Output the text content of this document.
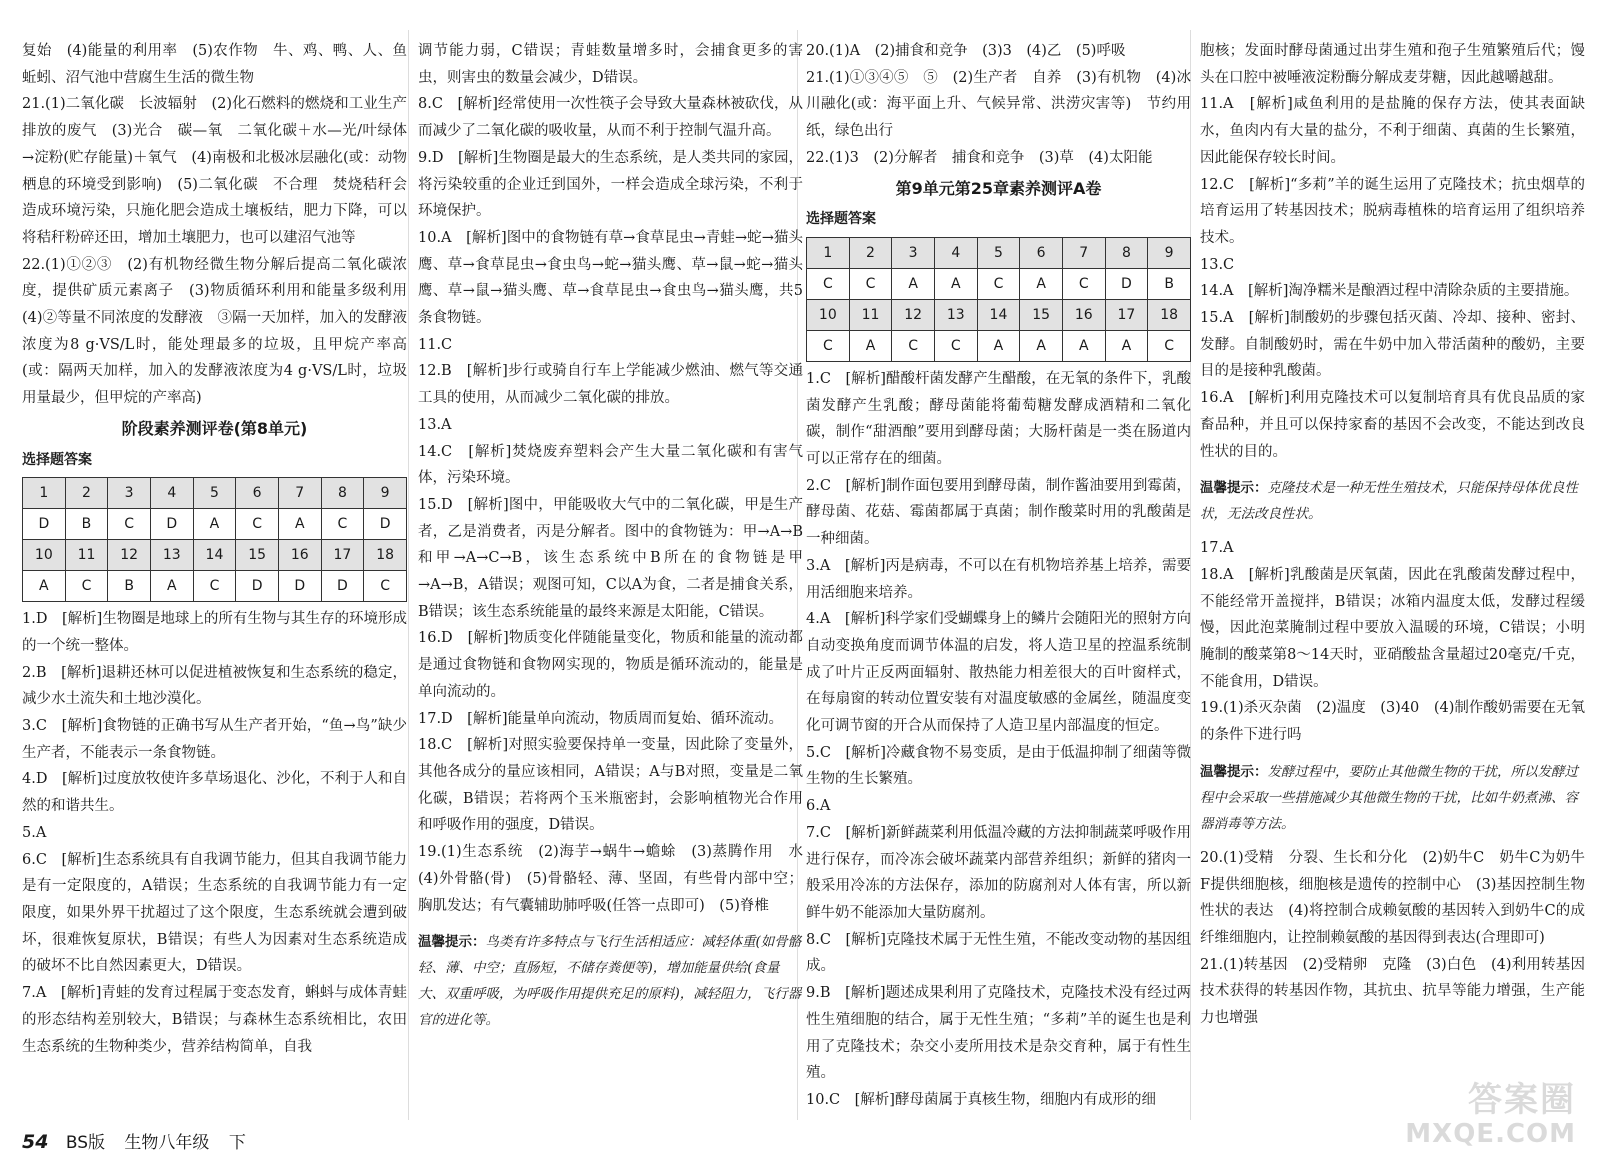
复始　(4)能量的利用率　(5)农作物　牛、鸡、鸭、人、鱼　蚯蚓、沼气池中营腐生生活的微生物
21.(1)二氧化碳　长波辐射　(2)化石燃料的燃烧和工业生产排放的废气　(3)光合　碳—氧　二氧化碳＋水—光/叶绿体→淀粉(贮存能量)＋氧气　(4)南极和北极冰层融化(或：动物栖息的环境受到影响)　(5)二氧化碳　不合理　焚烧秸秆会造成环境污染，只施化肥会造成土壤板结，肥力下降，可以将秸秆粉碎还田，增加土壤肥力，也可以建沼气池等
22.(1)①②③　(2)有机物经微生物分解后提高二氧化碳浓度，提供矿质元素离子　(3)物质循环利用和能量多级利用　(4)②等量不同浓度的发酵液　③隔一天加样，加入的发酵液浓度为8 g·VS/L时，能处理最多的垃圾，且甲烷产率高(或：隔两天加样，加入的发酵液浓度为4 g·VS/L时，垃圾用量最少，但甲烷的产率高)
阶段素养测评卷(第8单元)
选择题答案
1	2	3	4	5	6	7	8	9
D	B	C	D	A	C	A	C	D
10	11	12	13	14	15	16	17	18
A	C	B	A	C	D	D	D	C
1.D　[解析]生物圈是地球上的所有生物与其生存的环境形成的一个统一整体。
2.B　[解析]退耕还林可以促进植被恢复和生态系统的稳定，减少水土流失和土地沙漠化。
3.C　[解析]食物链的正确书写从生产者开始，“鱼→鸟”缺少生产者，不能表示一条食物链。
4.D　[解析]过度放牧使许多草场退化、沙化，不利于人和自然的和谐共生。
5.A
6.C　[解析]生态系统具有自我调节能力，但其自我调节能力是有一定限度的，A错误；生态系统的自我调节能力有一定限度，如果外界干扰超过了这个限度，生态系统就会遭到破坏，很难恢复原状，B错误；有些人为因素对生态系统造成的破坏不比自然因素更大，D错误。
7.A　[解析]青蛙的发育过程属于变态发育，蝌蚪与成体青蛙的形态结构差别较大，B错误；与森林生态系统相比，农田生态系统的生物种类少，营养结构简单，自我
调节能力弱，C错误；青蛙数量增多时，会捕食更多的害虫，则害虫的数量会减少，D错误。
8.C　[解析]经常使用一次性筷子会导致大量森林被砍伐，从而减少了二氧化碳的吸收量，从而不利于控制气温升高。
9.D　[解析]生物圈是最大的生态系统，是人类共同的家园，将污染较重的企业迁到国外，一样会造成全球污染，不利于环境保护。
10.A　[解析]图中的食物链有草→食草昆虫→青蛙→蛇→猫头鹰、草→食草昆虫→食虫鸟→蛇→猫头鹰、草→鼠→蛇→猫头鹰、草→鼠→猫头鹰、草→食草昆虫→食虫鸟→猫头鹰，共5条食物链。
11.C
12.B　[解析]步行或骑自行车上学能减少燃油、燃气等交通工具的使用，从而减少二氧化碳的排放。
13.A
14.C　[解析]焚烧废弃塑料会产生大量二氧化碳和有害气体，污染环境。
15.D　[解析]图中，甲能吸收大气中的二氧化碳，甲是生产者，乙是消费者，丙是分解者。图中的食物链为：甲→A→B和甲→A→C→B，该生态系统中B所在的食物链是甲→A→B，A错误；观图可知，C以A为食，二者是捕食关系，B错误；该生态系统能量的最终来源是太阳能，C错误。
16.D　[解析]物质变化伴随能量变化，物质和能量的流动都是通过食物链和食物网实现的，物质是循环流动的，能量是单向流动的。
17.D　[解析]能量单向流动，物质周而复始、循环流动。
18.C　[解析]对照实验要保持单一变量，因此除了变量外，其他各成分的量应该相同，A错误；A与B对照，变量是二氧化碳，B错误；若将两个玉米瓶密封，会影响植物光合作用和呼吸作用的强度，D错误。
19.(1)生态系统　(2)海芋→蜗牛→蟾蜍　(3)蒸腾作用　水　(4)外骨骼(骨)　(5)骨骼轻、薄、坚固，有些骨内部中空；胸肌发达；有气囊辅助肺呼吸(任答一点即可)　(5)脊椎
温馨提示：鸟类有许多特点与飞行生活相适应：减轻体重(如骨骼轻、薄、中空；直肠短，不储存粪便等)，增加能量供给(食量大、双重呼吸，为呼吸作用提供充足的原料)，减轻阻力，飞行器官的进化等。
20.(1)A　(2)捕食和竞争　(3)3　(4)乙　(5)呼吸
21.(1)①③④⑤　⑤　(2)生产者　自养　(3)有机物　(4)冰川融化(或：海平面上升、气候异常、洪涝灾害等)　节约用纸，绿色出行
22.(1)3　(2)分解者　捕食和竞争　(3)草　(4)太阳能
第9单元第25章素养测评A卷
选择题答案
1	2	3	4	5	6	7	8	9
C	C	A	A	C	A	C	D	B
10	11	12	13	14	15	16	17	18
C	A	C	C	A	A	A	A	C
1.C　[解析]醋酸杆菌发酵产生醋酸，在无氧的条件下，乳酸菌发酵产生乳酸；酵母菌能将葡萄糖发酵成酒精和二氧化碳，制作“甜酒酿”要用到酵母菌；大肠杆菌是一类在肠道内可以正常存在的细菌。
2.C　[解析]制作面包要用到酵母菌，制作酱油要用到霉菌，酵母菌、花菇、霉菌都属于真菌；制作酸菜时用的乳酸菌是一种细菌。
3.A　[解析]丙是病毒，不可以在有机物培养基上培养，需要用活细胞来培养。
4.A　[解析]科学家们受蝴蝶身上的鳞片会随阳光的照射方向自动变换角度而调节体温的启发，将人造卫星的控温系统制成了叶片正反两面辐射、散热能力相差很大的百叶窗样式，在每扇窗的转动位置安装有对温度敏感的金属丝，随温度变化可调节窗的开合从而保持了人造卫星内部温度的恒定。
5.C　[解析]冷藏食物不易变质，是由于低温抑制了细菌等微生物的生长繁殖。
6.A
7.C　[解析]新鲜蔬菜利用低温冷藏的方法抑制蔬菜呼吸作用进行保存，而冷冻会破坏蔬菜内部营养组织；新鲜的猪肉一般采用冷冻的方法保存，添加的防腐剂对人体有害，所以新鲜牛奶不能添加大量防腐剂。
8.C　[解析]克隆技术属于无性生殖，不能改变动物的基因组成。
9.B　[解析]题述成果利用了克隆技术，克隆技术没有经过两性生殖细胞的结合，属于无性生殖；“多莉”羊的诞生也是利用了克隆技术；杂交小麦所用技术是杂交育种，属于有性生殖。
10.C　[解析]酵母菌属于真核生物，细胞内有成形的细
胞核；发面时酵母菌通过出芽生殖和孢子生殖繁殖后代；馒头在口腔中被唾液淀粉酶分解成麦芽糖，因此越嚼越甜。
11.A　[解析]咸鱼利用的是盐腌的保存方法，使其表面缺水，鱼肉内有大量的盐分，不利于细菌、真菌的生长繁殖，因此能保存较长时间。
12.C　[解析]“多莉”羊的诞生运用了克隆技术；抗虫烟草的培育运用了转基因技术；脱病毒植株的培育运用了组织培养技术。
13.C
14.A　[解析]淘净糯米是酿酒过程中清除杂质的主要措施。
15.A　[解析]制酸奶的步骤包括灭菌、冷却、接种、密封、发酵。自制酸奶时，需在牛奶中加入带活菌种的酸奶，主要目的是接种乳酸菌。
16.A　[解析]利用克隆技术可以复制培育具有优良品质的家畜品种，并且可以保持家畜的基因不会改变，不能达到改良性状的目的。
温馨提示：克隆技术是一种无性生殖技术，只能保持母体优良性状，无法改良性状。
17.A
18.A　[解析]乳酸菌是厌氧菌，因此在乳酸菌发酵过程中，不能经常开盖搅拌，B错误；冰箱内温度太低，发酵过程缓慢，因此泡菜腌制过程中要放入温暖的环境，C错误；小明腌制的酸菜第8～14天时，亚硝酸盐含量超过20毫克/千克，不能食用，D错误。
19.(1)杀灭杂菌　(2)温度　(3)40　(4)制作酸奶需要在无氧的条件下进行吗
温馨提示：发酵过程中，要防止其他微生物的干扰，所以发酵过程中会采取一些措施减少其他微生物的干扰，比如牛奶煮沸、容器消毒等方法。
20.(1)受精　分裂、生长和分化　(2)奶牛C　奶牛C为奶牛F提供细胞核，细胞核是遗传的控制中心　(3)基因控制生物性状的表达　(4)将控制合成赖氨酸的基因转入到奶牛C的成纤维细胞内，让控制赖氨酸的基因得到表达(合理即可)
21.(1)转基因　(2)受精卵　克隆　(3)白色　(4)利用转基因技术获得的转基因作物，其抗虫、抗旱等能力增强，生产能力也增强
54 BS版 生物八年级 下
答案圈
MXQE.COM
